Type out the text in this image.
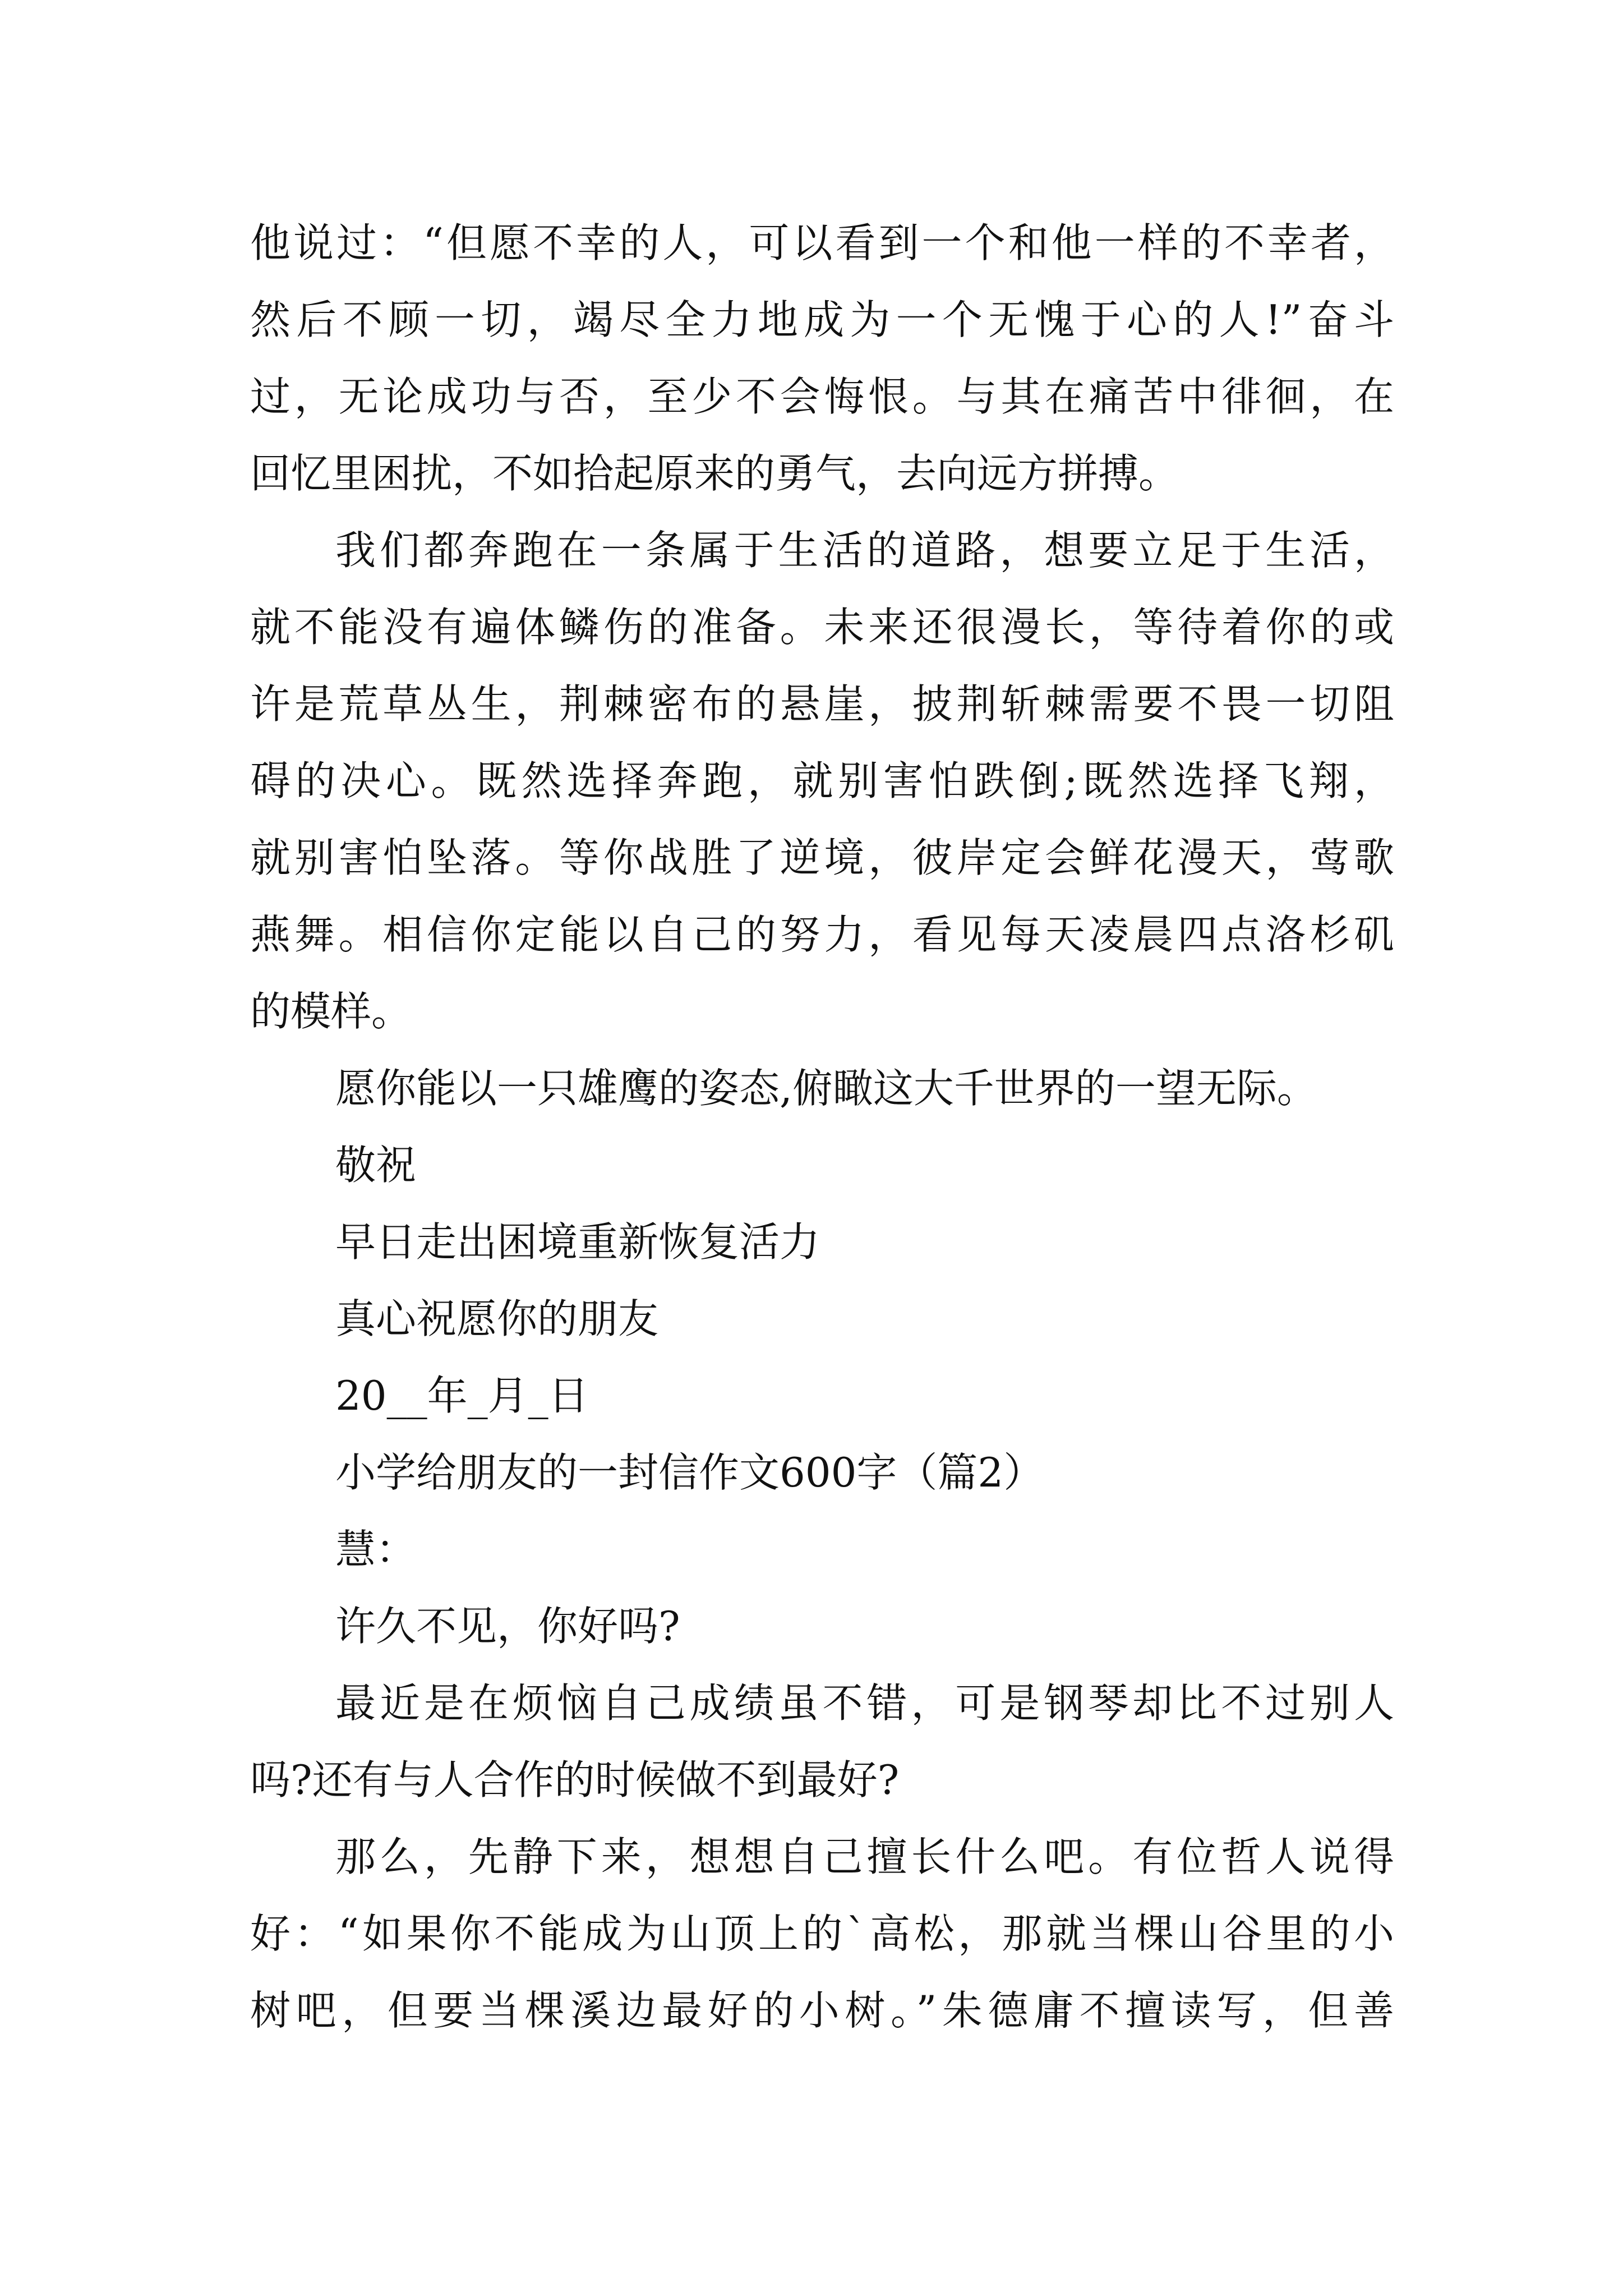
他说过：“但愿不幸的人，可以看到一个和他一样的不幸者，
然后不顾一切，竭尽全力地成为一个无愧于心的人!”奋斗
过，无论成功与否，至少不会悔恨。与其在痛苦中徘徊，在
回忆里困扰，不如拾起原来的勇气，去向远方拼搏。
我们都奔跑在一条属于生活的道路，想要立足于生活，
就不能没有遍体鳞伤的准备。未来还很漫长，等待着你的或
许是荒草丛生，荆棘密布的悬崖，披荆斩棘需要不畏一切阻
碍的决心。既然选择奔跑，就别害怕跌倒;既然选择飞翔，
就别害怕坠落。等你战胜了逆境，彼岸定会鲜花漫天，莺歌
燕舞。相信你定能以自己的努力，看见每天凌晨四点洛杉矶
的模样。
愿你能以一只雄鹰的姿态,俯瞰这大千世界的一望无际。
敬祝
早日走出困境重新恢复活力
真心祝愿你的朋友
20__年_月_日
小学给朋友的一封信作文600字（篇2）
慧：
许久不见，你好吗?
最近是在烦恼自己成绩虽不错，可是钢琴却比不过别人
吗?还有与人合作的时候做不到最好?
那么，先静下来，想想自己擅长什么吧。有位哲人说得
好：“如果你不能成为山顶上的`高松，那就当棵山谷里的小
树吧，但要当棵溪边最好的小树。”朱德庸不擅读写，但善
